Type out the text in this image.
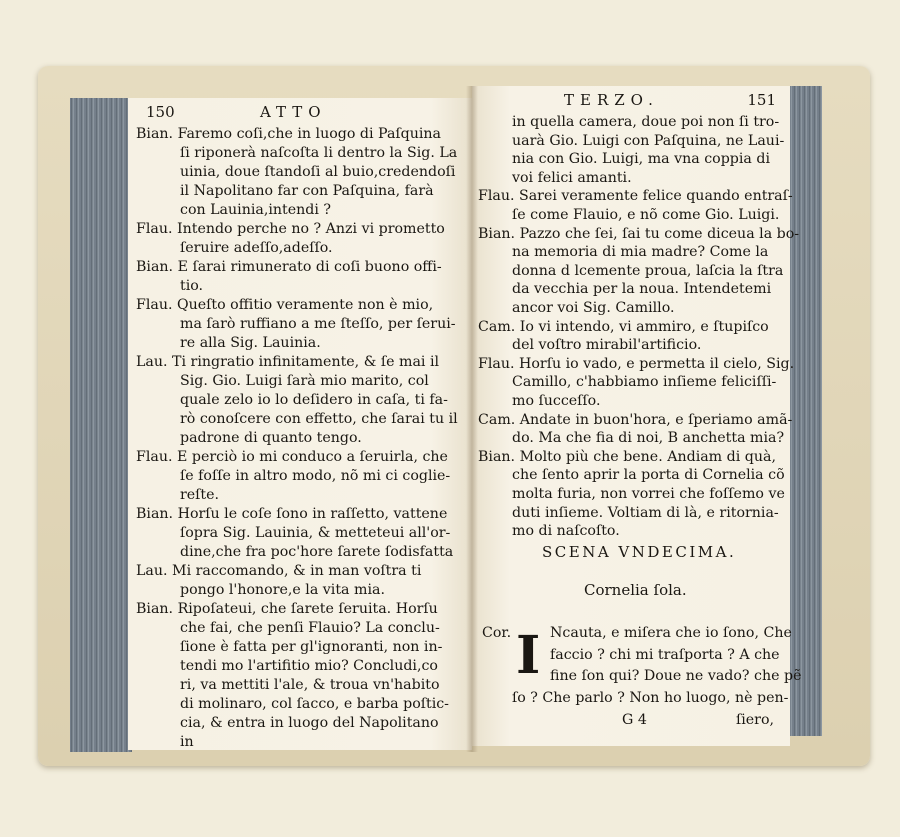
150	ATTO
Bian. Faremo coſi,che in luogo di Paſquina
ſi riponerà naſcoſta li dentro la Sig. La
uinia, doue ſtandoſi al buio,credendoſi
il Napolitano far con Paſquina, farà
con Lauinia,intendi ?
Flau. Intendo perche no ? Anzi vi prometto
ſeruire adeſſo,adeſſo.
Bian. E ſarai rimunerato di coſi buono offi-
tio.
Flau. Queſto offitio veramente non è mio,
ma ſarò ruffiano a me ſteſſo, per ſerui-
re alla Sig. Lauinia.
Lau. Ti ringratio infinitamente, & ſe mai il
Sig. Gio. Luigi ſarà mio marito, col
quale zelo io lo deſidero in caſa, ti fa-
rò conoſcere con effetto, che ſarai tu il
padrone di quanto tengo.
Flau. E perciò io mi conduco a ſeruirla, che
ſe foſſe in altro modo, nõ mi ci coglie-
reſte.
Bian. Horſu le coſe ſono in raſſetto, vattene
ſopra Sig. Lauinia, & metteteui all'or-
dine,che fra poc'hore ſarete ſodisfatta
Lau. Mi raccomando, & in man voſtra ti
pongo l'honore,e la vita mia.
Bian. Ripoſateui, che ſarete ſeruita. Horſu
che fai, che penſi Flauio? La conclu-
ſione è fatta per gl'ignoranti, non in-
tendi mo l'artifitio mio? Concludi,co
ri, va mettiti l'ale, & troua vn'habito
di molinaro, col ſacco, e barba poſtic-
cia, & entra in luogo del Napolitano
in
TERZO.	151
in quella camera, doue poi non ſi tro-
uarà Gio. Luigi con Paſquina, ne Laui-
nia con Gio. Luigi, ma vna coppia di
voi felici amanti.
Flau. Sarei veramente felice quando entraſ-
ſe come Flauio, e nõ come Gio. Luigi.
Bian. Pazzo che ſei, ſai tu come diceua la bo-
na memoria di mia madre? Come la
donna d lcemente proua, laſcia la ſtra
da vecchia per la noua. Intendetemi
ancor voi Sig. Camillo.
Cam. Io vi intendo, vi ammiro, e ſtupiſco
del voſtro mirabil'artificio.
Flau. Horſu io vado, e permetta il cielo, Sig.
Camillo, c'habbiamo inſieme feliciſſi-
mo ſucceſſo.
Cam. Andate in buon'hora, e ſperiamo amã-
do. Ma che fia di noi, B anchetta mia?
Bian. Molto più che bene. Andiam di quà,
che ſento aprir la porta di Cornelia cõ
molta furia, non vorrei che foſſemo ve
duti inſieme. Voltiam di là, e ritornia-
mo di naſcoſto.
SCENA VNDECIMA.
Cornelia ſola.
Cor. I Ncauta, e miſera che io ſono, Che
faccio ? chi mi traſporta ? A che
fine ſon qui? Doue ne vado? che pẽ
ſo ? Che parlo ? Non ho luogo, nè pen-
G 4	ſiero,
